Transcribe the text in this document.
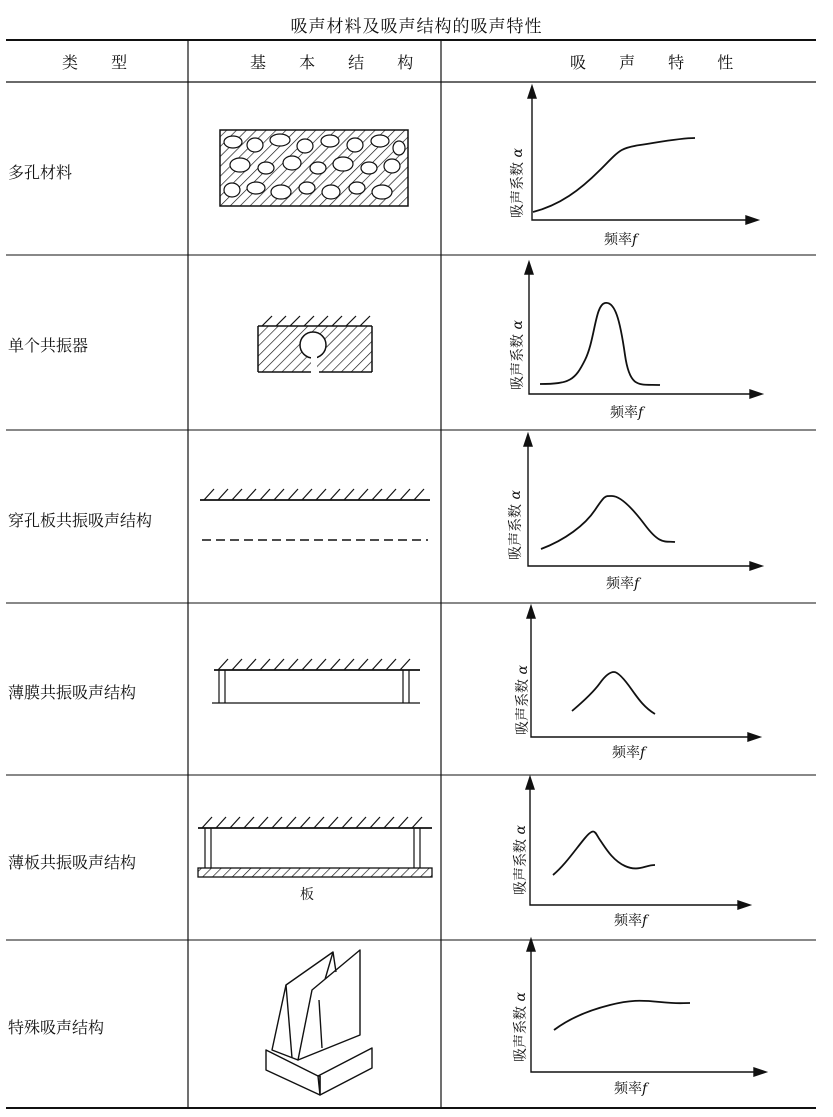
吸声材料及吸声结构的吸声特性
类 型	基 本 结 构	吸 声 特 性
多孔材料
单个共振器
穿孔板共振吸声结构
薄膜共振吸声结构
薄板共振吸声结构
特殊吸声结构
板
吸声系数 α
频率f
吸声系数 α
频率f
吸声系数 α
频率f
吸声系数 α
频率f
吸声系数 α
频率f
吸声系数 α
频率f
